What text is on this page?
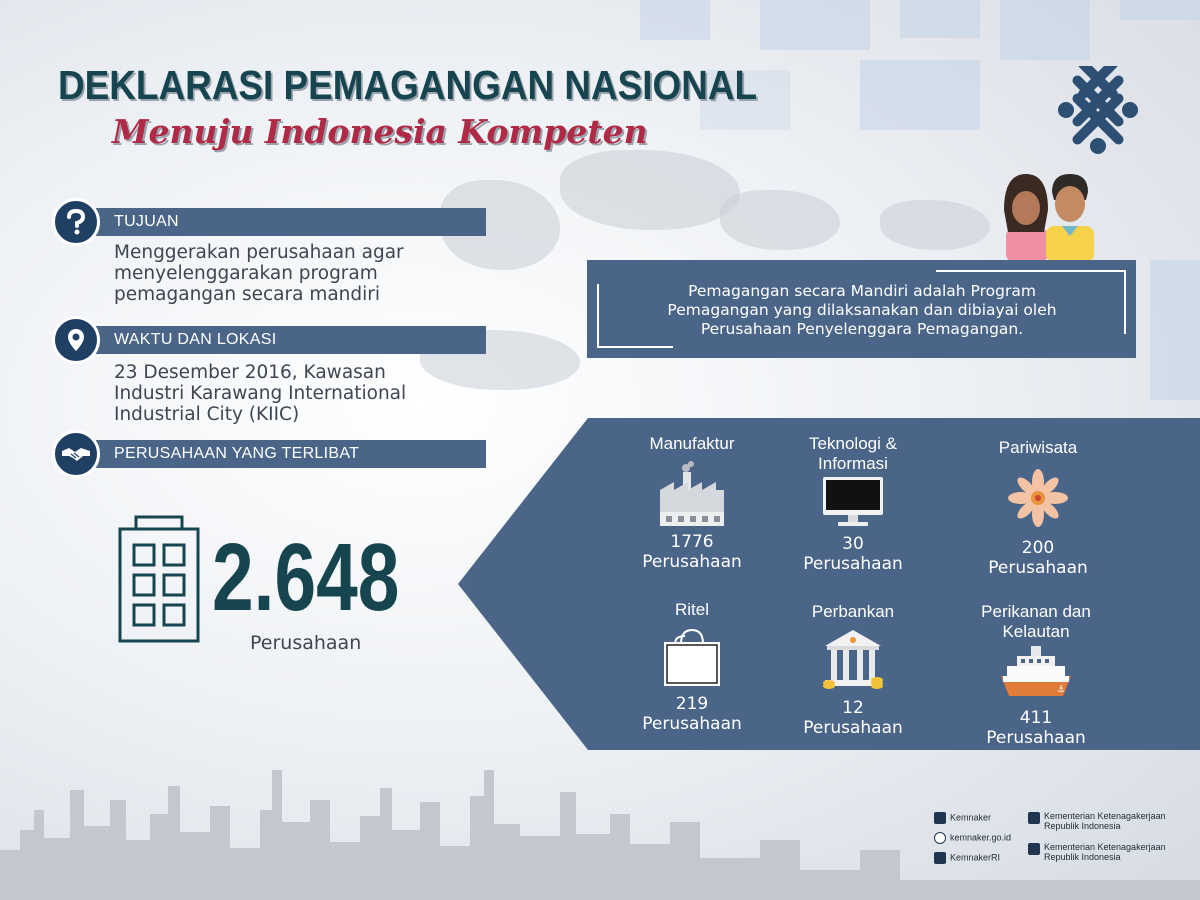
DEKLARASI PEMAGANGAN NASIONAL
Menuju Indonesia Kompeten
TUJUAN
Menggerakan perusahaan agar
menyelenggarakan program
pemagangan secara mandiri
WAKTU DAN LOKASI
23 Desember 2016, Kawasan
Industri Karawang International
Industrial City (KIIC)
PERUSAHAAN YANG TERLIBAT

Pemagangan secara Mandiri adalah Program
Pemagangan yang dilaksanakan dan dibiayai oleh
Perusahaan Penyelenggara Pemagangan.

Manufaktur
1776
Perusahaan
Teknologi &
Informasi
30
Perusahaan
Pariwisata
200
Perusahaan
Ritel
219
Perusahaan
Perbankan
12
Perusahaan
Perikanan dan
Kelautan
⚓
411
Perusahaan
2.648
Perusahaan
Kemnaker
kemnaker.go.id
KemnakerRI
Kementerian Ketenagakerjaan
Republik Indonesia
Kementerian Ketenagakerjaan
Republik Indonesia
